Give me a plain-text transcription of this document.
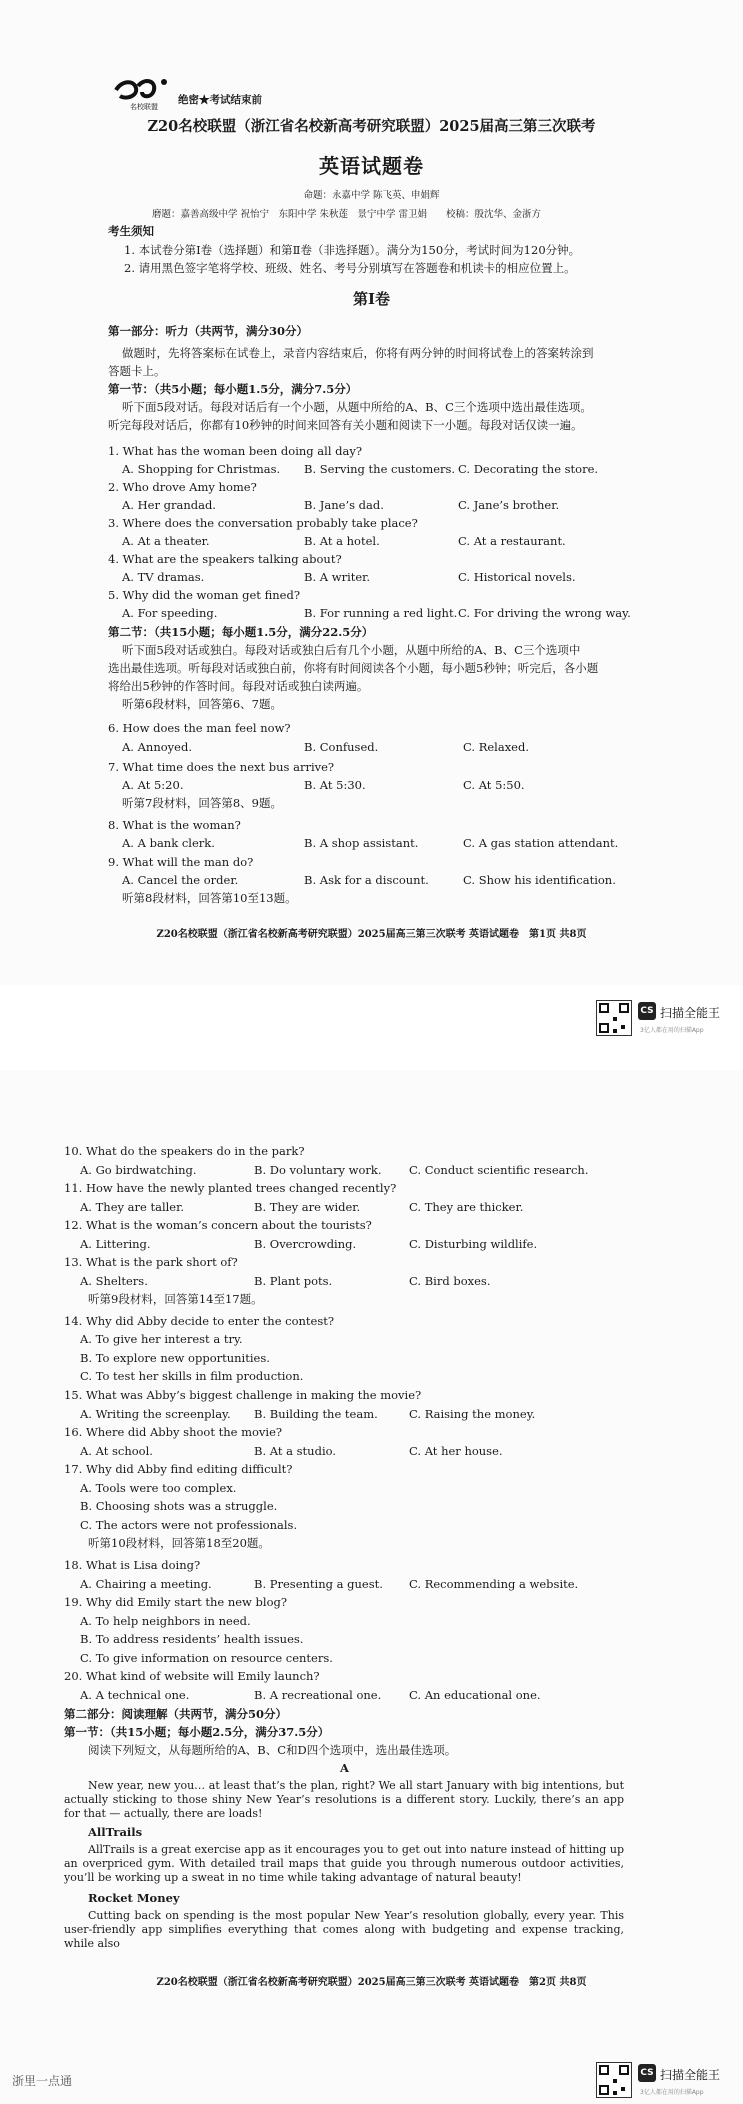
名校联盟
绝密★考试结束前
Z20名校联盟（浙江省名校新高考研究联盟）2025届高三第三次联考
英语试题卷
命题：永嘉中学 陈飞英、申娟辉
磨题：嘉善高级中学 祝怡宁　东阳中学 朱秋莲　景宁中学 雷卫娟　　校稿：殷沈华、金浙方
考生须知
1. 本试卷分第Ⅰ卷（选择题）和第Ⅱ卷（非选择题）。满分为150分，考试时间为120分钟。
2. 请用黑色签字笔将学校、班级、姓名、考号分别填写在答题卷和机读卡的相应位置上。
第Ⅰ卷
第一部分：听力（共两节，满分30分）
做题时，先将答案标在试卷上，录音内容结束后，你将有两分钟的时间将试卷上的答案转涂到
答题卡上。
第一节：（共5小题；每小题1.5分，满分7.5分）
听下面5段对话。每段对话后有一个小题，从题中所给的A、B、C三个选项中选出最佳选项。
听完每段对话后，你都有10秒钟的时间来回答有关小题和阅读下一小题。每段对话仅读一遍。
1. What has the woman been doing all day?
A. Shopping for Christmas. B. Serving the customers. C. Decorating the store.
2. Who drove Amy home?
A. Her grandad.	B. Jane’s dad.	C. Jane’s brother.
3. Where does the conversation probably take place?
A. At a theater.	B. At a hotel.	C. At a restaurant.
4. What are the speakers talking about?
A. TV dramas.	B. A writer.	C. Historical novels.
5. Why did the woman get fined?
A. For speeding.	B. For running a red light. C. For driving the wrong way.
第二节：（共15小题；每小题1.5分，满分22.5分）
听下面5段对话或独白。每段对话或独白后有几个小题，从题中所给的A、B、C三个选项中
选出最佳选项。听每段对话或独白前，你将有时间阅读各个小题，每小题5秒钟；听完后，各小题
将给出5秒钟的作答时间。每段对话或独白读两遍。
听第6段材料，回答第6、7题。
6. How does the man feel now?
A. Annoyed.	B. Confused.	C. Relaxed.
7. What time does the next bus arrive?
A. At 5:20.	B. At 5:30.	C. At 5:50.
听第7段材料，回答第8、9题。
8. What is the woman?
A. A bank clerk.	B. A shop assistant.	C. A gas station attendant.
9. What will the man do?
A. Cancel the order.	B. Ask for a discount.	C. Show his identification.
听第8段材料，回答第10至13题。
Z20名校联盟（浙江省名校新高考研究联盟）2025届高三第三次联考 英语试题卷　第1页 共8页
CS 扫描全能王
3亿人都在用的扫描App
10. What do the speakers do in the park?
A. Go birdwatching.	B. Do voluntary work. C. Conduct scientific research.
11. How have the newly planted trees changed recently?
A. They are taller.	B. They are wider.	C. They are thicker.
12. What is the woman’s concern about the tourists?
A. Littering.	B. Overcrowding.	C. Disturbing wildlife.
13. What is the park short of?
A. Shelters.	B. Plant pots.	C. Bird boxes.
听第9段材料，回答第14至17题。
14. Why did Abby decide to enter the contest?
A. To give her interest a try.
B. To explore new opportunities.
C. To test her skills in film production.
15. What was Abby’s biggest challenge in making the movie?
A. Writing the screenplay. B. Building the team.	C. Raising the money.
16. Where did Abby shoot the movie?
A. At school.	B. At a studio.	C. At her house.
17. Why did Abby find editing difficult?
A. Tools were too complex.
B. Choosing shots was a struggle.
C. The actors were not professionals.
听第10段材料，回答第18至20题。
18. What is Lisa doing?
A. Chairing a meeting.	B. Presenting a guest. C. Recommending a website.
19. Why did Emily start the new blog?
A. To help neighbors in need.
B. To address residents’ health issues.
C. To give information on resource centers.
20. What kind of website will Emily launch?
A. A technical one.	B. A recreational one. C. An educational one.
第二部分：阅读理解（共两节，满分50分）
第一节：（共15小题；每小题2.5分，满分37.5分）
阅读下列短文，从每题所给的A、B、C和D四个选项中，选出最佳选项。
A
New year, new you… at least that’s the plan, right? We all start January with big intentions, but actually sticking to those shiny New Year’s resolutions is a different story. Luckily, there’s an app for that — actually, there are loads!
AllTrails
AllTrails is a great exercise app as it encourages you to get out into nature instead of hitting up an overpriced gym. With detailed trail maps that guide you through numerous outdoor activities, you’ll be working up a sweat in no time while taking advantage of natural beauty!
Rocket Money
Cutting back on spending is the most popular New Year’s resolution globally, every year. This user-friendly app simplifies everything that comes along with budgeting and expense tracking, while also
Z20名校联盟（浙江省名校新高考研究联盟）2025届高三第三次联考 英语试题卷　第2页 共8页
浙里一点通
CS 扫描全能王
3亿人都在用的扫描App
